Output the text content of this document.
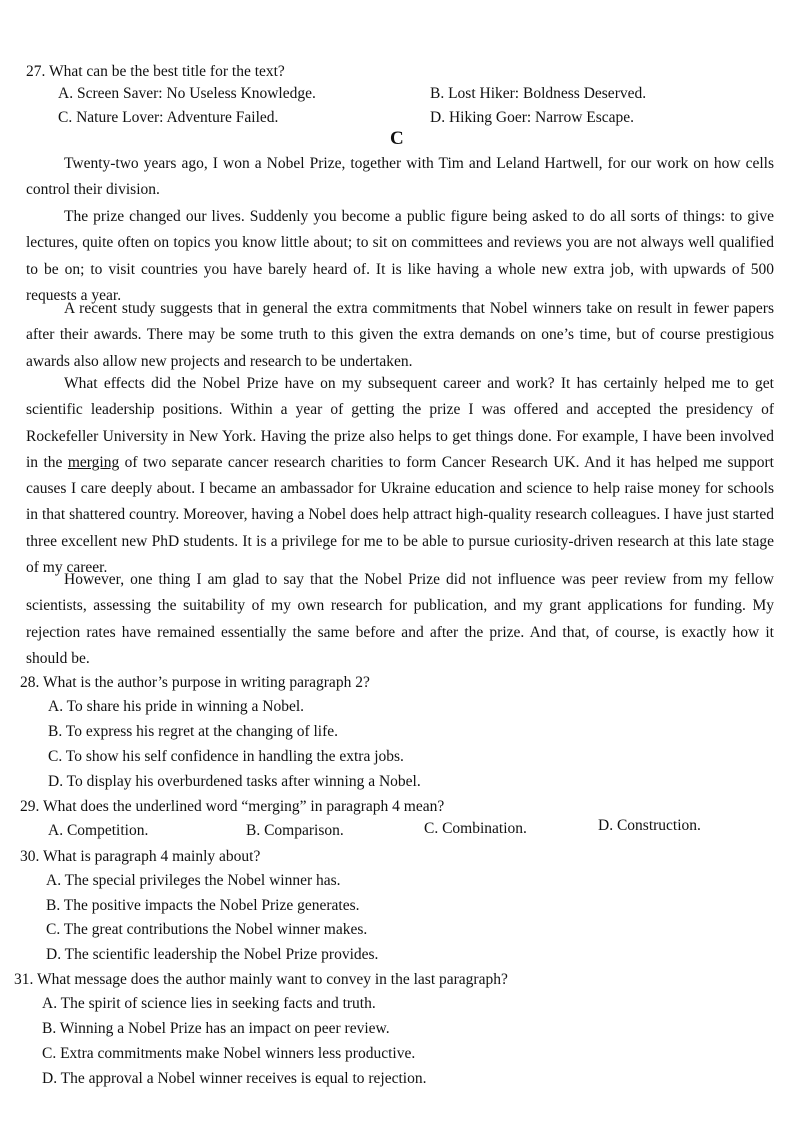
27. What can be the best title for the text?
A. Screen Saver: No Useless Knowledge.	B. Lost Hiker: Boldness Deserved.
C. Nature Lover: Adventure Failed.	D. Hiking Goer: Narrow Escape.
C
Twenty-two years ago, I won a Nobel Prize, together with Tim and Leland Hartwell, for our work on how cells control their division.
The prize changed our lives. Suddenly you become a public figure being asked to do all sorts of things: to give lectures, quite often on topics you know little about; to sit on committees and reviews you are not always well qualified to be on; to visit countries you have barely heard of. It is like having a whole new extra job, with upwards of 500 requests a year.
A recent study suggests that in general the extra commitments that Nobel winners take on result in fewer papers after their awards. There may be some truth to this given the extra demands on one’s time, but of course prestigious awards also allow new projects and research to be undertaken.
What effects did the Nobel Prize have on my subsequent career and work? It has certainly helped me to get scientific leadership positions. Within a year of getting the prize I was offered and accepted the presidency of Rockefeller University in New York. Having the prize also helps to get things done. For example, I have been involved in the merging of two separate cancer research charities to form Cancer Research UK. And it has helped me support causes I care deeply about. I became an ambassador for Ukraine education and science to help raise money for schools in that shattered country. Moreover, having a Nobel does help attract high-quality research colleagues. I have just started three excellent new PhD students. It is a privilege for me to be able to pursue curiosity-driven research at this late stage of my career.
However, one thing I am glad to say that the Nobel Prize did not influence was peer review from my fellow scientists, assessing the suitability of my own research for publication, and my grant applications for funding. My rejection rates have remained essentially the same before and after the prize. And that, of course, is exactly how it should be.
28. What is the author’s purpose in writing paragraph 2?
A. To share his pride in winning a Nobel.
B. To express his regret at the changing of life.
C. To show his self confidence in handling the extra jobs.
D. To display his overburdened tasks after winning a Nobel.
29. What does the underlined word “merging” in paragraph 4 mean?
A. Competition.	B. Comparison.	C. Combination.	D. Construction.
30. What is paragraph 4 mainly about?
A. The special privileges the Nobel winner has.
B. The positive impacts the Nobel Prize generates.
C. The great contributions the Nobel winner makes.
D. The scientific leadership the Nobel Prize provides.
31. What message does the author mainly want to convey in the last paragraph?
A. The spirit of science lies in seeking facts and truth.
B. Winning a Nobel Prize has an impact on peer review.
C. Extra commitments make Nobel winners less productive.
D. The approval a Nobel winner receives is equal to rejection.
